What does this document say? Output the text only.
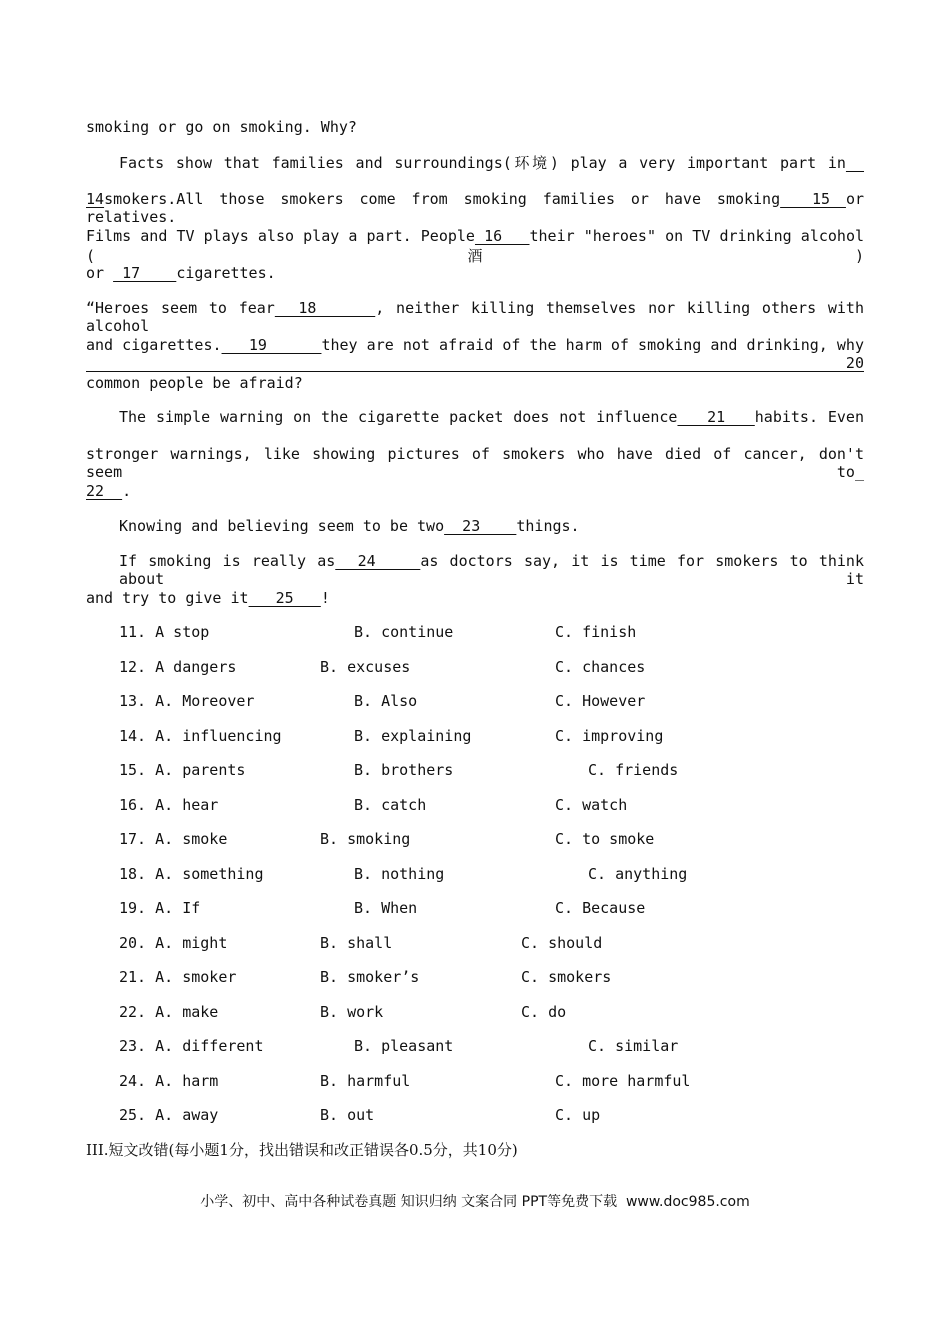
smoking or go on smoking. Why?
Facts show that families and surroundings(环境) play a very important part in__
14smokers.All those smokers come from smoking families or have smoking  15 or relatives.
Films and TV plays also play a part. People 16   their "heroes" on TV drinking alcohol (酒)
or  17    cigarettes.
“Heroes seem to fear  18     , neither killing themselves nor killing others with alcohol
and cigarettes.   19      they are not afraid of the harm of smoking and drinking, why  20
common people be afraid?
The simple warning on the cigarette packet does not influence   21   habits. Even
stronger warnings, like showing pictures of smokers who have died of cancer, don't seem to_
22  .
Knowing and believing seem to be two  23    things.
If smoking is really as  24    as doctors say, it is time for smokers to think about it
and try to give it   25   !
11. A stop	B. continue	C. finish
12. A dangers	B. excuses	C. chances
13. A. Moreover	B. Also	C. However
14. A. influencing	B. explaining	C. improving
15. A. parents	B. brothers	C. friends
16. A. hear	B. catch	C. watch
17. A. smoke	B. smoking	C. to smoke
18. A. something	B. nothing	C. anything
19. A. If	B. When	C. Because
20. A. might	B. shall	C. should
21. A. smoker	B. smoker’s	C. smokers
22. A. make	B. work	C. do
23. A. different	B. pleasant	C. similar
24. A. harm	B. harmful	C. more harmful
25. A. away	B. out	C. up
III.短文改错(每小题1分，找出错误和改正错误各0.5分，共10分)
小学、初中、高中各种试卷真题 知识归纳 文案合同 PPT等免费下载  www.doc985.com
